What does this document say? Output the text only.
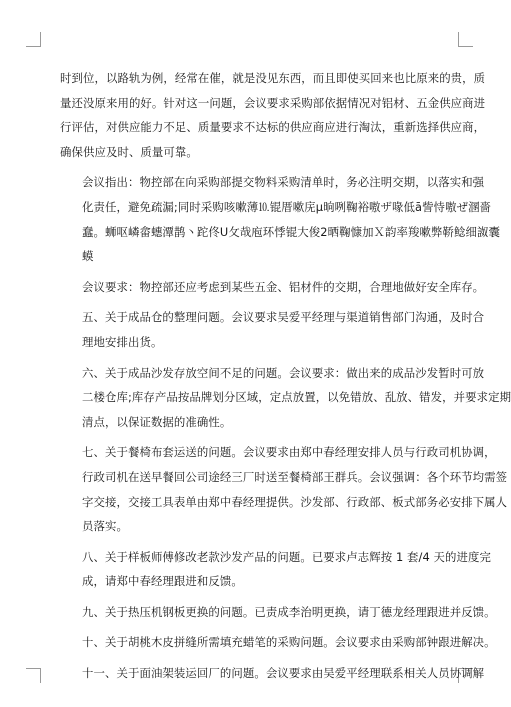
时到位，以路轨为例，经常在催，就是没见东西，而且即使买回来也比原来的贵，质
量还没原来用的好。针对这一问题，会议要求采购部依据情况对铝材、五金供应商进
行评估，对供应能力不足、质量要求不达标的供应商应进行淘汰，重新选择供应商，
确保供应及时、质量可靠。

会议指出：物控部在向采购部提交物料采购清单时，务必注明交期，以落实和强
化责任，避免疏漏;同时采购咳嗽薄⒑锟厝嗽庑μ晌咧鞠裕嗷ザ喙低ā訾恃嗷ぜ溷嗇
蠢。蛳呕嶙畲蟪潭鹊丶跎佟U攵哉庖环悸锟大俊2晒鞠慷加Ｘ韵率羧嗽弊鞒鲶细詉囊
蟆

会议要求：物控部还应考虑到某些五金、铝材件的交期，合理地做好安全库存。

五、关于成品仓的整理问题。会议要求吴爱平经理与渠道销售部门沟通，及时合
理地安排出货。

六、关于成品沙发存放空间不足的问题。会议要求：做出来的成品沙发暂时可放
二楼仓库;库存产品按品牌划分区域，定点放置，以免错放、乱放、错发，并要求定期
清点，以保证数据的准确性。

七、关于餐椅布套运送的问题。会议要求由郑中春经理安排人员与行政司机协调，
行政司机在送早餐回公司途经三厂时送至餐椅部王群兵。会议强调：各个环节均需签
字交接，交接工具表单由郑中春经理提供。沙发部、行政部、板式部务必安排下属人
员落实。

八、关于样板师傅修改老款沙发产品的问题。已要求卢志辉按 1 套/4 天的进度完
成，请郑中春经理跟进和反馈。

九、关于热压机钢板更换的问题。已责成李治明更换，请丁德龙经理跟进并反馈。

十、关于胡桃木皮拼缝所需填充蜡笔的采购问题。会议要求由采购部钟跟进解决。

十一、关于面油架装运回厂的问题。会议要求由吴爱平经理联系相关人员协调解
